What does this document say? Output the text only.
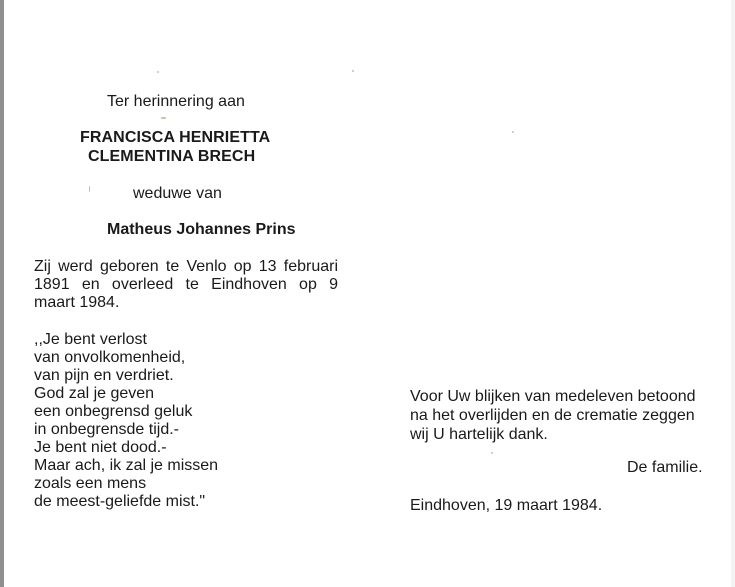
Ter herinnering aan
FRANCISCA HENRIETTA
CLEMENTINA BRECH
weduwe van
Matheus Johannes Prins
Zij werd geboren te Venlo op 13 februari
1891 en overleed te Eindhoven op 9
maart 1984.
,,Je bent verlost
van onvolkomenheid,
van pijn en verdriet.
God zal je geven
een onbegrensd geluk
in onbegrensde tijd.-
Je bent niet dood.-
Maar ach, ik zal je missen
zoals een mens
de meest-geliefde mist."
Voor Uw blijken van medeleven betoond
na het overlijden en de crematie zeggen
wij U hartelijk dank.
De familie.
Eindhoven, 19 maart 1984.
